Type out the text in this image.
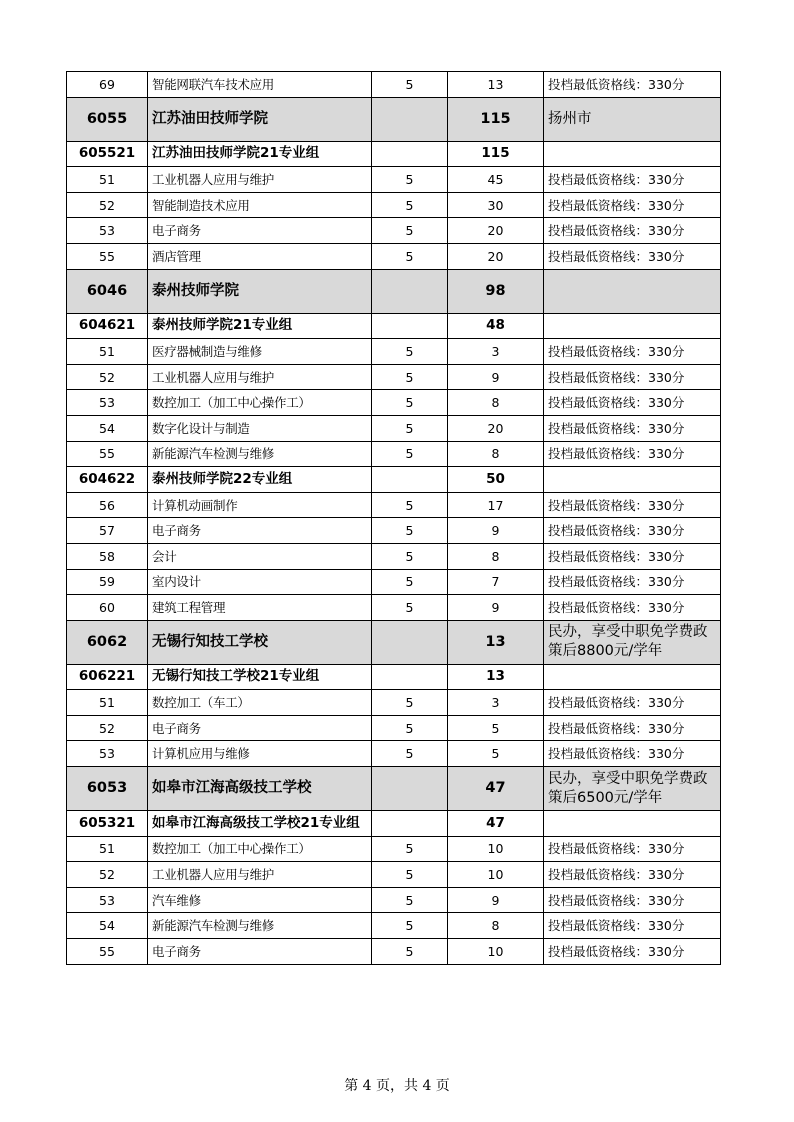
69	智能网联汽车技术应用	5	13	投档最低资格线：330分
6055	江苏油田技师学院		115	扬州市
605521	江苏油田技师学院21专业组		115	
51	工业机器人应用与维护	5	45	投档最低资格线：330分
52	智能制造技术应用	5	30	投档最低资格线：330分
53	电子商务	5	20	投档最低资格线：330分
55	酒店管理	5	20	投档最低资格线：330分
6046	泰州技师学院		98	
604621	泰州技师学院21专业组		48	
51	医疗器械制造与维修	5	3	投档最低资格线：330分
52	工业机器人应用与维护	5	9	投档最低资格线：330分
53	数控加工（加工中心操作工）	5	8	投档最低资格线：330分
54	数字化设计与制造	5	20	投档最低资格线：330分
55	新能源汽车检测与维修	5	8	投档最低资格线：330分
604622	泰州技师学院22专业组		50	
56	计算机动画制作	5	17	投档最低资格线：330分
57	电子商务	5	9	投档最低资格线：330分
58	会计	5	8	投档最低资格线：330分
59	室内设计	5	7	投档最低资格线：330分
60	建筑工程管理	5	9	投档最低资格线：330分
6062	无锡行知技工学校		13	民办，享受中职免学费政策后8800元/学年
606221	无锡行知技工学校21专业组		13	
51	数控加工（车工）	5	3	投档最低资格线：330分
52	电子商务	5	5	投档最低资格线：330分
53	计算机应用与维修	5	5	投档最低资格线：330分
6053	如皋市江海高级技工学校		47	民办，享受中职免学费政策后6500元/学年
605321	如皋市江海高级技工学校21专业组		47	
51	数控加工（加工中心操作工）	5	10	投档最低资格线：330分
52	工业机器人应用与维护	5	10	投档最低资格线：330分
53	汽车维修	5	9	投档最低资格线：330分
54	新能源汽车检测与维修	5	8	投档最低资格线：330分
55	电子商务	5	10	投档最低资格线：330分
第 4 页，共 4 页
